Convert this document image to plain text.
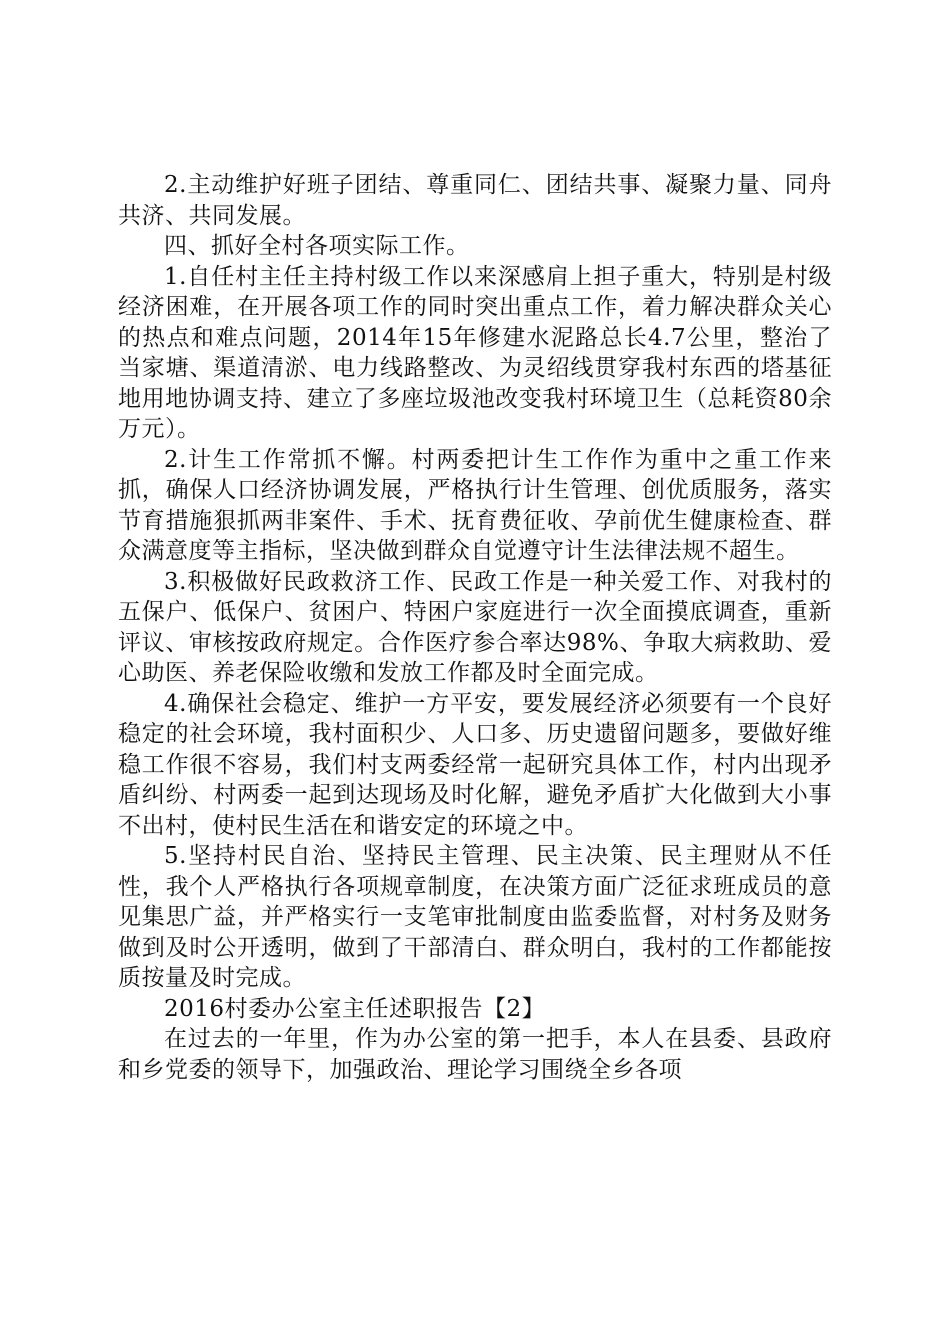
2.主动维护好班子团结、尊重同仁、团结共事、凝聚力量、同舟共济、共同发展。

四、抓好全村各项实际工作。

1.自任村主任主持村级工作以来深感肩上担子重大，特别是村级经济困难，在开展各项工作的同时突出重点工作，着力解决群众关心的热点和难点问题，2014年15年修建水泥路总长4.7公里，整治了当家塘、渠道清淤、电力线路整改、为灵绍线贯穿我村东西的塔基征地用地协调支持、建立了多座垃圾池改变我村环境卫生（总耗资80余万元）。

2.计生工作常抓不懈。村两委把计生工作作为重中之重工作来抓，确保人口经济协调发展，严格执行计生管理、创优质服务，落实节育措施狠抓两非案件、手术、抚育费征收、孕前优生健康检查、群众满意度等主指标，坚决做到群众自觉遵守计生法律法规不超生。

3.积极做好民政救济工作、民政工作是一种关爱工作、对我村的五保户、低保户、贫困户、特困户家庭进行一次全面摸底调查，重新评议、审核按政府规定。合作医疗参合率达98%、争取大病救助、爱心助医、养老保险收缴和发放工作都及时全面完成。

4.确保社会稳定、维护一方平安，要发展经济必须要有一个良好稳定的社会环境，我村面积少、人口多、历史遗留问题多，要做好维稳工作很不容易，我们村支两委经常一起研究具体工作，村内出现矛盾纠纷、村两委一起到达现场及时化解，避免矛盾扩大化做到大小事不出村，使村民生活在和谐安定的环境之中。

5.坚持村民自治、坚持民主管理、民主决策、民主理财从不任性，我个人严格执行各项规章制度，在决策方面广泛征求班成员的意见集思广益，并严格实行一支笔审批制度由监委监督，对村务及财务做到及时公开透明，做到了干部清白、群众明白，我村的工作都能按质按量及时完成。

2016村委办公室主任述职报告【2】

在过去的一年里，作为办公室的第一把手，本人在县委、县政府和乡党委的领导下，加强政治、理论学习围绕全乡各项
